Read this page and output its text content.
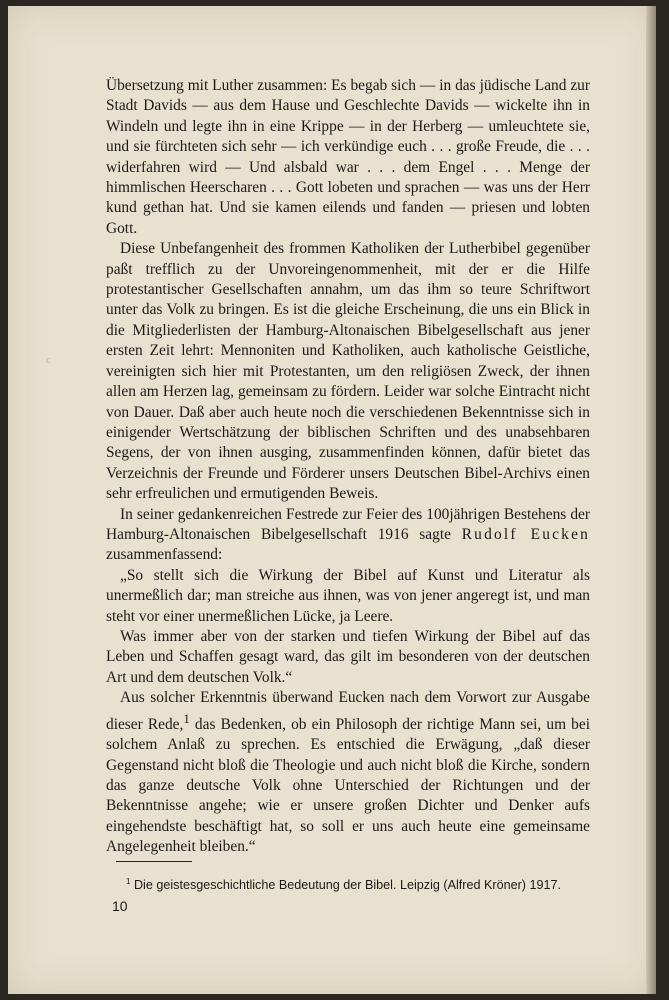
c

Übersetzung mit Luther zusammen: Es begab sich — in das jüdische Land zur Stadt Davids — aus dem Hause und Geschlechte Davids — wickelte ihn in Windeln und legte ihn in eine Krippe — in der Herberg — umleuchtete sie, und sie fürchteten sich sehr — ich verkündige euch . . . große Freude, die . . . widerfahren wird — Und alsbald war . . . dem Engel . . . Menge der himmlischen Heerscharen . . . Gott lobeten und sprachen — was uns der Herr kund gethan hat. Und sie kamen eilends und fanden — priesen und lobten Gott.

Diese Unbefangenheit des frommen Katholiken der Lutherbibel gegenüber paßt trefflich zu der Unvoreingenommenheit, mit der er die Hilfe protestantischer Gesellschaften annahm, um das ihm so teure Schriftwort unter das Volk zu bringen. Es ist die gleiche Erscheinung, die uns ein Blick in die Mitgliederlisten der Hamburg-Altonaischen Bibelgesellschaft aus jener ersten Zeit lehrt: Mennoniten und Katholiken, auch katholische Geistliche, vereinigten sich hier mit Protestanten, um den religiösen Zweck, der ihnen allen am Herzen lag, gemeinsam zu fördern. Leider war solche Eintracht nicht von Dauer. Daß aber auch heute noch die verschiedenen Bekenntnisse sich in einigender Wertschätzung der biblischen Schriften und des unabsehbaren Segens, der von ihnen ausging, zusammenfinden können, dafür bietet das Verzeichnis der Freunde und Förderer unsers Deutschen Bibel-Archivs einen sehr erfreulichen und ermutigenden Beweis.

In seiner gedankenreichen Festrede zur Feier des 100jährigen Bestehens der Hamburg-Altonaischen Bibelgesellschaft 1916 sagte Rudolf Eucken zusammenfassend:

„So stellt sich die Wirkung der Bibel auf Kunst und Literatur als unermeßlich dar; man streiche aus ihnen, was von jener angeregt ist, und man steht vor einer unermeßlichen Lücke, ja Leere.

Was immer aber von der starken und tiefen Wirkung der Bibel auf das Leben und Schaffen gesagt ward, das gilt im besonderen von der deutschen Art und dem deutschen Volk.“

Aus solcher Erkenntnis überwand Eucken nach dem Vorwort zur Ausgabe dieser Rede,$^1$ das Bedenken, ob ein Philosoph der richtige Mann sei, um bei solchem Anlaß zu sprechen. Es entschied die Erwägung, „daß dieser Gegenstand nicht bloß die Theologie und auch nicht bloß die Kirche, sondern das ganze deutsche Volk ohne Unterschied der Richtungen und der Bekenntnisse angehe; wie er unsere großen Dichter und Denker aufs eingehendste beschäftigt hat, so soll er uns auch heute eine gemeinsame Angelegenheit bleiben.“

$^1$ Die geistesgeschichtliche Bedeutung der Bibel. Leipzig (Alfred Kröner) 1917.
10
